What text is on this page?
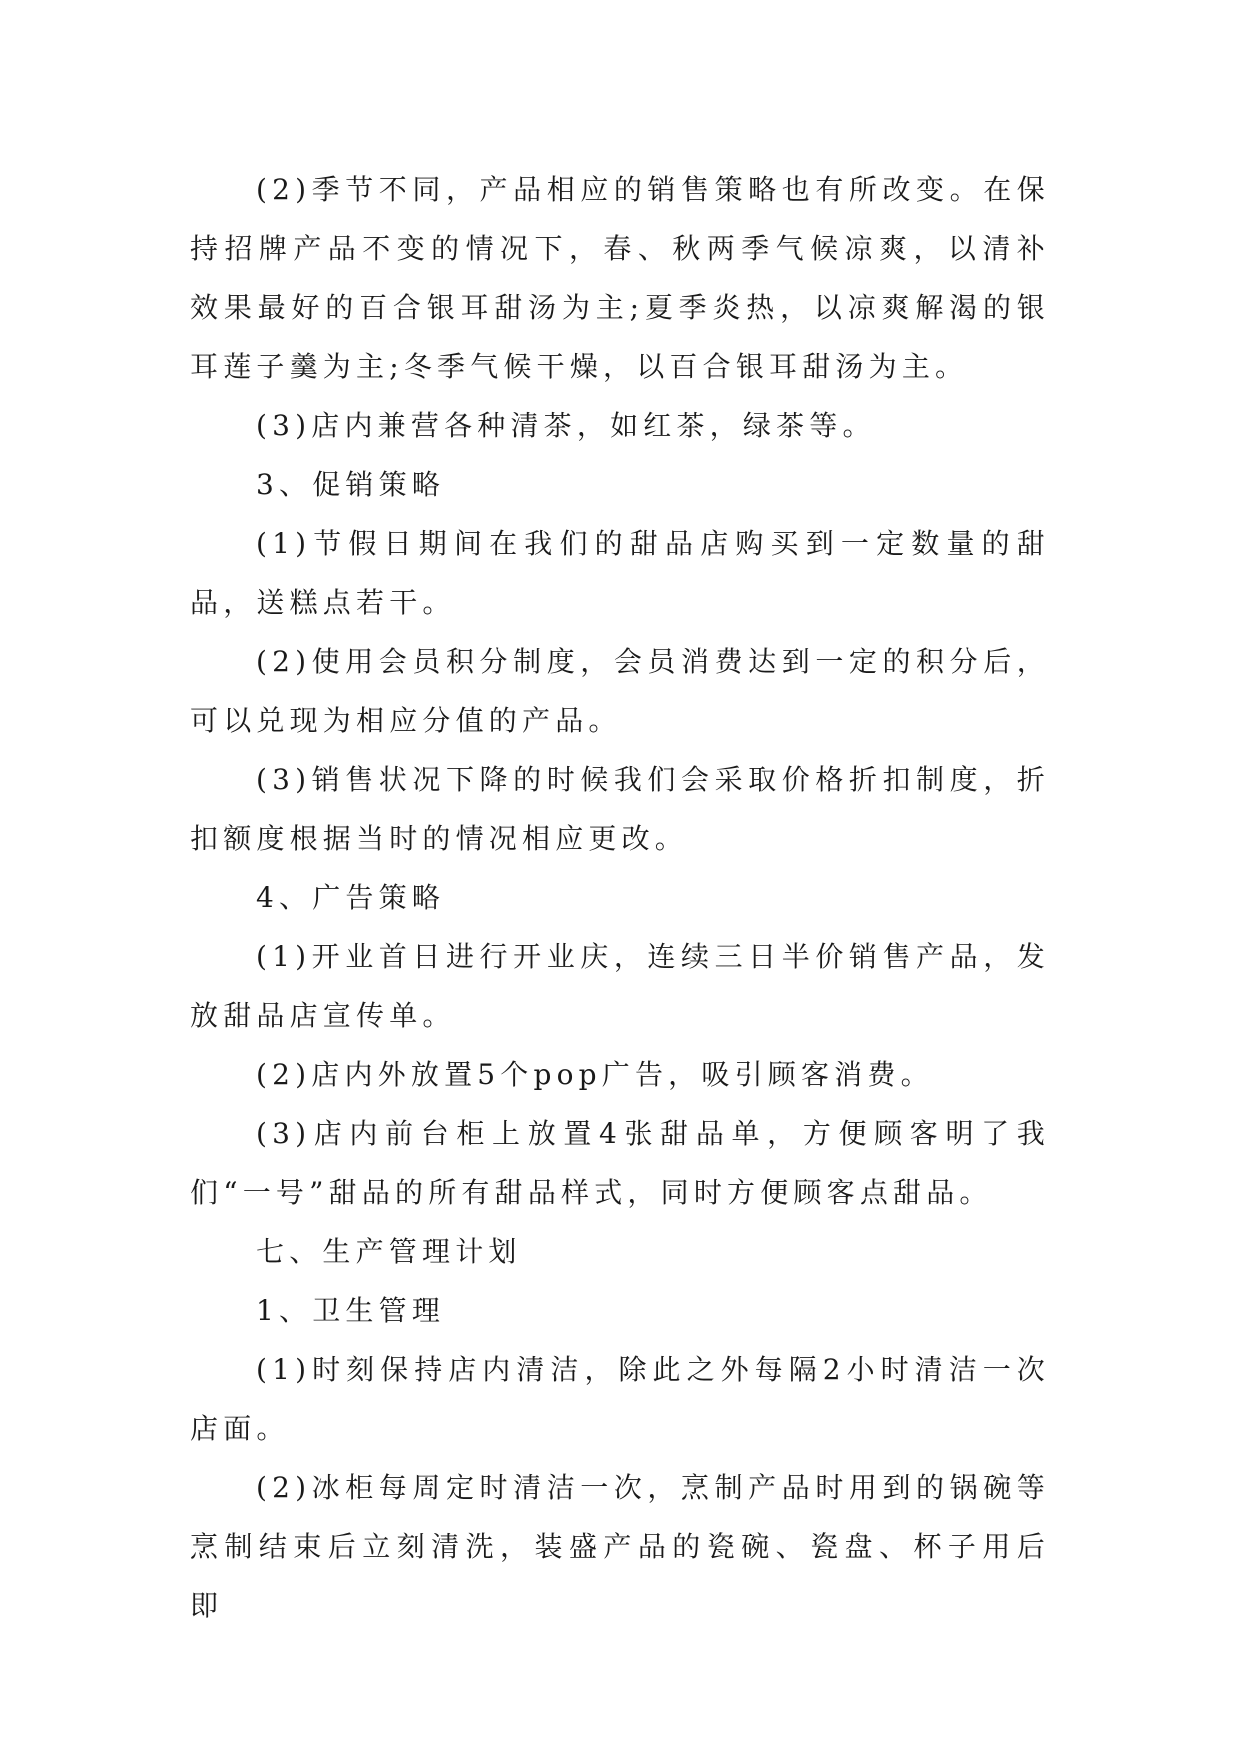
(2)季节不同，产品相应的销售策略也有所改变。在保持招牌产品不变的情况下，春、秋两季气候凉爽，以清补效果最好的百合银耳甜汤为主;夏季炎热，以凉爽解渴的银耳莲子羹为主;冬季气候干燥，以百合银耳甜汤为主。

(3)店内兼营各种清茶，如红茶，绿茶等。

3、促销策略

(1)节假日期间在我们的甜品店购买到一定数量的甜品，送糕点若干。

(2)使用会员积分制度，会员消费达到一定的积分后，可以兑现为相应分值的产品。

(3)销售状况下降的时候我们会采取价格折扣制度，折扣额度根据当时的情况相应更改。

4、广告策略

(1)开业首日进行开业庆，连续三日半价销售产品，发放甜品店宣传单。

(2)店内外放置5个pop广告，吸引顾客消费。

(3)店内前台柜上放置4张甜品单，方便顾客明了我们“一号”甜品的所有甜品样式，同时方便顾客点甜品。

七、生产管理计划

1、卫生管理

(1)时刻保持店内清洁，除此之外每隔2小时清洁一次店面。

(2)冰柜每周定时清洁一次，烹制产品时用到的锅碗等烹制结束后立刻清洗，装盛产品的瓷碗、瓷盘、杯子用后即
